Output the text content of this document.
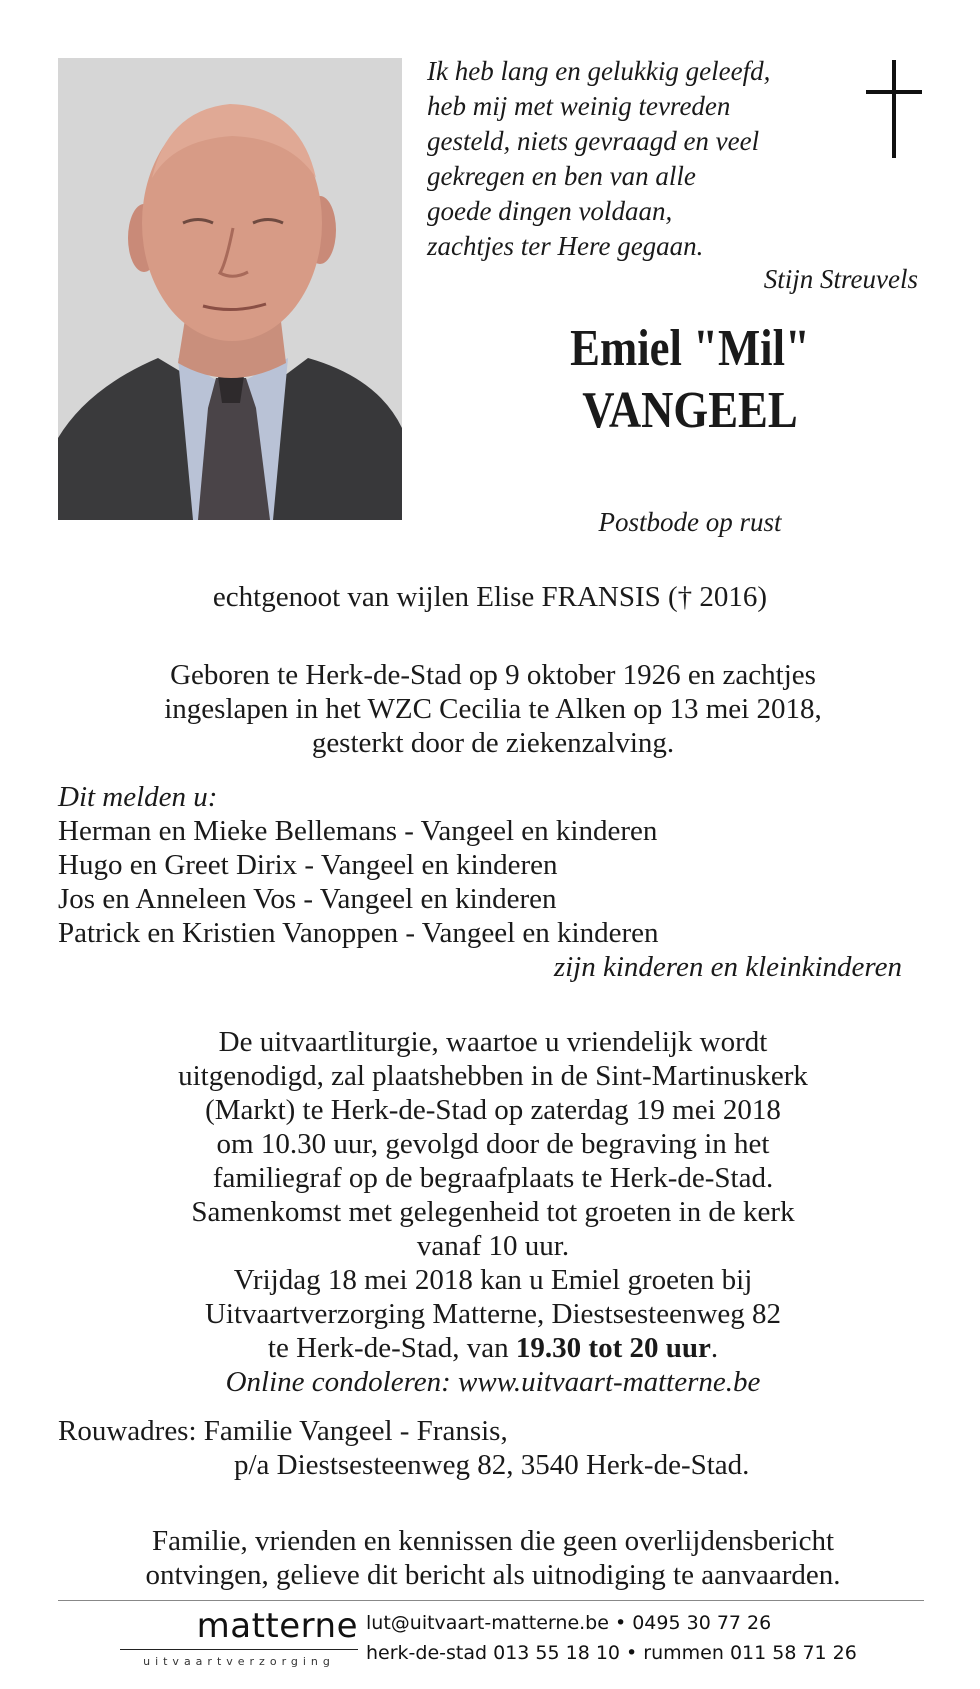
Ik heb lang en gelukkig geleefd,
heb mij met weinig tevreden
gesteld, niets gevraagd en veel
gekregen en ben van alle
goede dingen voldaan,
zachtjes ter Here gegaan.
Stijn Streuvels
Emiel "Mil"
VANGEEL
Postbode op rust
echtgenoot van wijlen Elise FRANSIS († 2016)
Geboren te Herk-de-Stad op 9 oktober 1926 en zachtjes
ingeslapen in het WZC Cecilia te Alken op 13 mei 2018,
gesterkt door de ziekenzalving.
Dit melden u:
Herman en Mieke Bellemans - Vangeel en kinderen
Hugo en Greet Dirix - Vangeel en kinderen
Jos en Anneleen Vos - Vangeel en kinderen
Patrick en Kristien Vanoppen - Vangeel en kinderen
zijn kinderen en kleinkinderen
De uitvaartliturgie, waartoe u vriendelijk wordt
uitgenodigd, zal plaatshebben in de Sint-Martinuskerk
(Markt) te Herk-de-Stad op zaterdag 19 mei 2018
om 10.30 uur, gevolgd door de begraving in het
familiegraf op de begraafplaats te Herk-de-Stad.
Samenkomst met gelegenheid tot groeten in de kerk
vanaf 10 uur.
Vrijdag 18 mei 2018 kan u Emiel groeten bij
Uitvaartverzorging Matterne, Diestsesteenweg 82
te Herk-de-Stad, van 19.30 tot 20 uur.
Online condoleren: www.uitvaart-matterne.be
Rouwadres: Familie Vangeel - Fransis,
p/a Diestsesteenweg 82, 3540 Herk-de-Stad.
Familie, vrienden en kennissen die geen overlijdensbericht
ontvingen, gelieve dit bericht als uitnodiging te aanvaarden.
matterne
uitvaartverzorging
lut@uitvaart-matterne.be • 0495 30 77 26
herk-de-stad 013 55 18 10 • rummen 011 58 71 26
